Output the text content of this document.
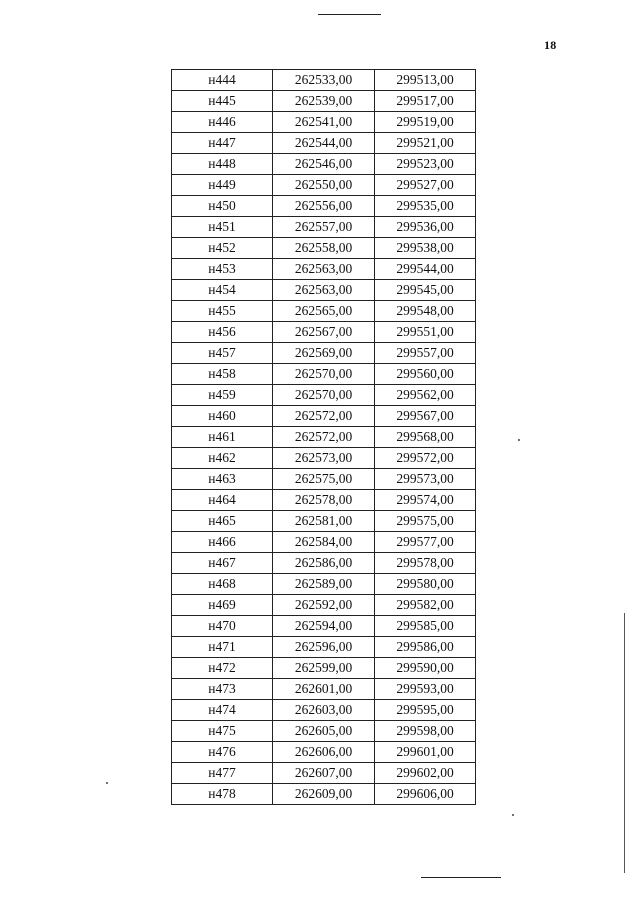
18
н444	262533,00	299513,00
н445	262539,00	299517,00
н446	262541,00	299519,00
н447	262544,00	299521,00
н448	262546,00	299523,00
н449	262550,00	299527,00
н450	262556,00	299535,00
н451	262557,00	299536,00
н452	262558,00	299538,00
н453	262563,00	299544,00
н454	262563,00	299545,00
н455	262565,00	299548,00
н456	262567,00	299551,00
н457	262569,00	299557,00
н458	262570,00	299560,00
н459	262570,00	299562,00
н460	262572,00	299567,00
н461	262572,00	299568,00
н462	262573,00	299572,00
н463	262575,00	299573,00
н464	262578,00	299574,00
н465	262581,00	299575,00
н466	262584,00	299577,00
н467	262586,00	299578,00
н468	262589,00	299580,00
н469	262592,00	299582,00
н470	262594,00	299585,00
н471	262596,00	299586,00
н472	262599,00	299590,00
н473	262601,00	299593,00
н474	262603,00	299595,00
н475	262605,00	299598,00
н476	262606,00	299601,00
н477	262607,00	299602,00
н478	262609,00	299606,00
